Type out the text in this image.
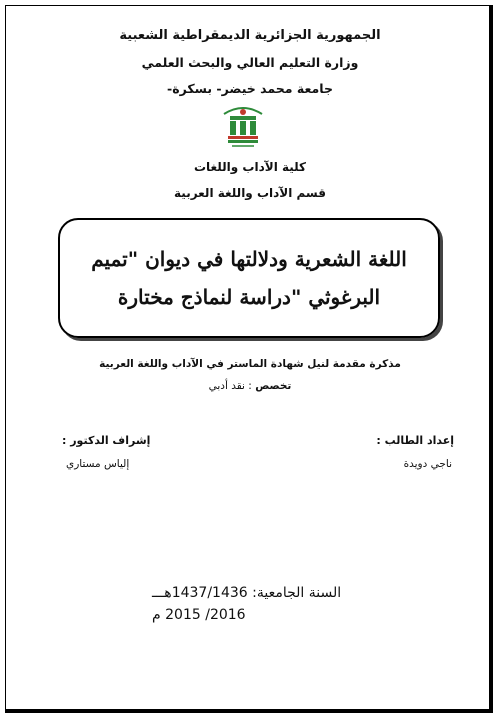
الجمهورية الجزائرية الديمقراطية الشعبية
وزارة التعليم العالي والبحث العلمي
جامعة محمد خيضر- بسكرة-
كلية الآداب واللغات
قسم الآداب واللغة العربية
اللغة الشعرية ودلالتها في ديوان "تميم
البرغوثي "دراسة لنماذج مختارة
مذكرة مقدمة لنيل شهادة الماستر في الآداب واللغة العربية
تخصص : نقد أدبي
إشراف الدكتور :
إلياس مستاري
إعداد الطالب :
ناجي دويدة
السنة الجامعية: 1437/1436هـــ
2016/ 2015 م
